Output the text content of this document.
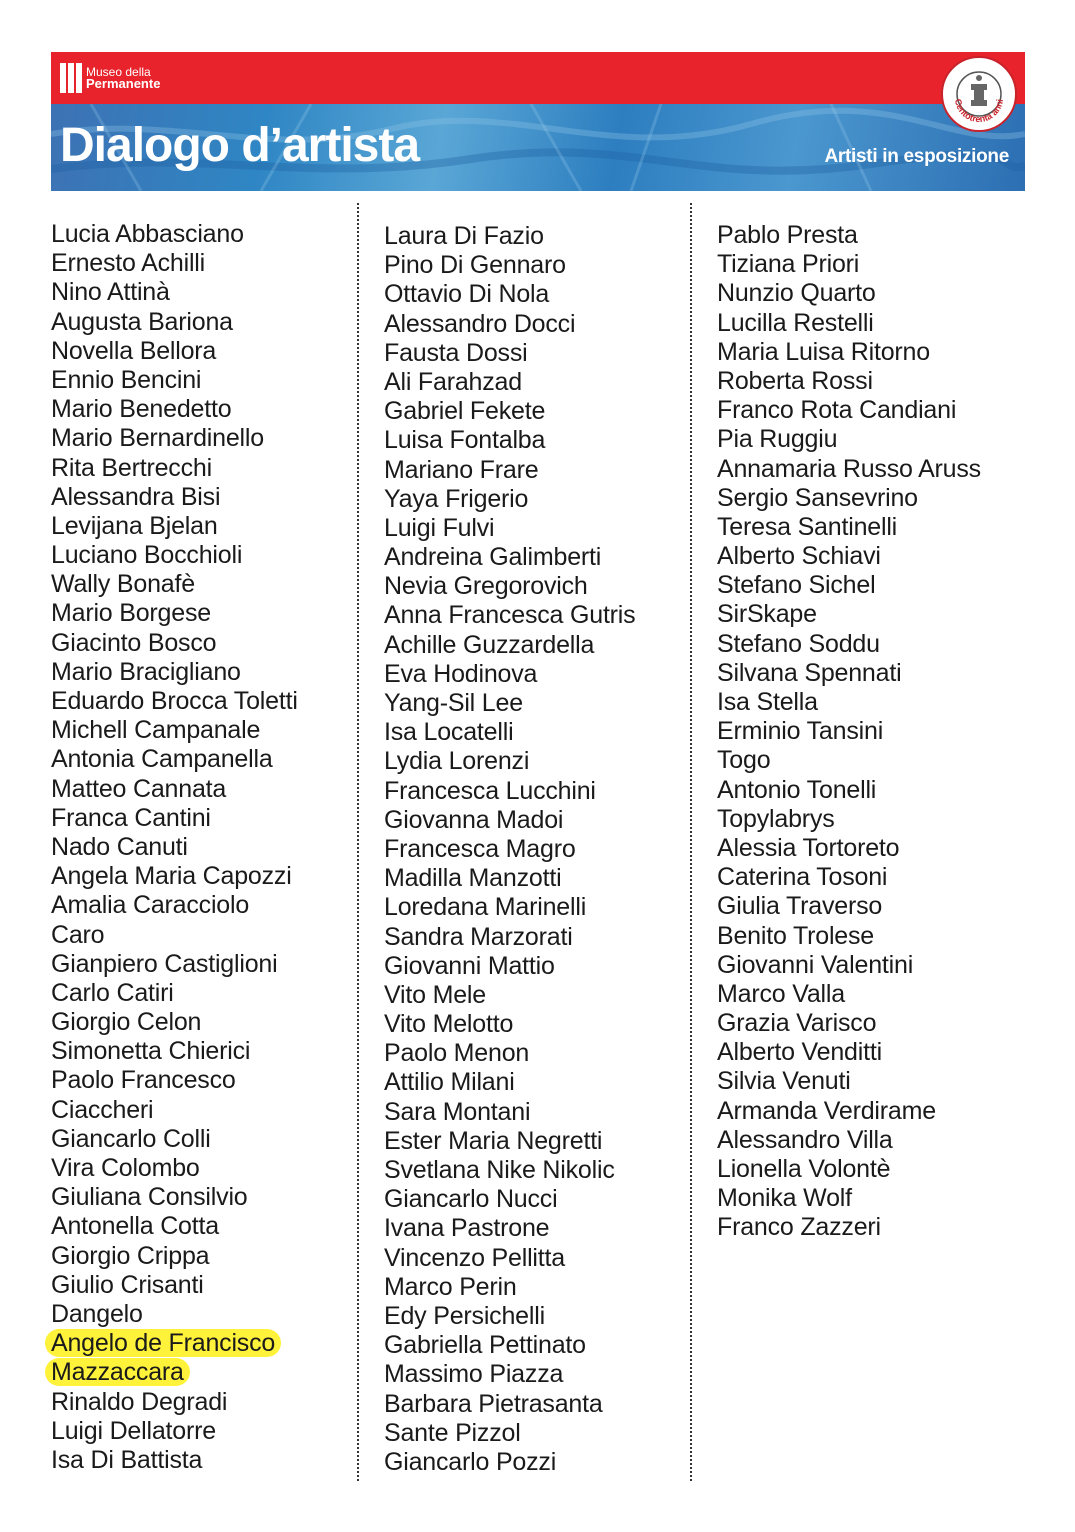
Museo della
Permanente
Dialogo d’artista	Artisti in esposizione

Centotrenta anni
Lucia Abbasciano
Ernesto Achilli
Nino Attinà
Augusta Bariona
Novella Bellora
Ennio Bencini
Mario Benedetto
Mario Bernardinello
Rita Bertrecchi
Alessandra Bisi
Levijana Bjelan
Luciano Bocchioli
Wally Bonafè
Mario Borgese
Giacinto Bosco
Mario Bracigliano
Eduardo Brocca Toletti
Michell Campanale
Antonia Campanella
Matteo Cannata
Franca Cantini
Nado Canuti
Angela Maria Capozzi
Amalia Caracciolo
Caro
Gianpiero Castiglioni
Carlo Catiri
Giorgio Celon
Simonetta Chierici
Paolo Francesco
Ciaccheri
Giancarlo Colli
Vira Colombo
Giuliana Consilvio
Antonella Cotta
Giorgio Crippa
Giulio Crisanti
Dangelo
Angelo de Francisco
Mazzaccara
Rinaldo Degradi
Luigi Dellatorre
Isa Di Battista
Laura Di Fazio
Pino Di Gennaro
Ottavio Di Nola
Alessandro Docci
Fausta Dossi
Ali Farahzad
Gabriel Fekete
Luisa Fontalba
Mariano Frare
Yaya Frigerio
Luigi Fulvi
Andreina Galimberti
Nevia Gregorovich
Anna Francesca Gutris
Achille Guzzardella
Eva Hodinova
Yang-Sil Lee
Isa Locatelli
Lydia Lorenzi
Francesca Lucchini
Giovanna Madoi
Francesca Magro
Madilla Manzotti
Loredana Marinelli
Sandra Marzorati
Giovanni Mattio
Vito Mele
Vito Melotto
Paolo Menon
Attilio Milani
Sara Montani
Ester Maria Negretti
Svetlana Nike Nikolic
Giancarlo Nucci
Ivana Pastrone
Vincenzo Pellitta
Marco Perin
Edy Persichelli
Gabriella Pettinato
Massimo Piazza
Barbara Pietrasanta
Sante Pizzol
Giancarlo Pozzi
Pablo Presta
Tiziana Priori
Nunzio Quarto
Lucilla Restelli
Maria Luisa Ritorno
Roberta Rossi
Franco Rota Candiani
Pia Ruggiu
Annamaria Russo Aruss
Sergio Sansevrino
Teresa Santinelli
Alberto Schiavi
Stefano Sichel
SirSkape
Stefano Soddu
Silvana Spennati
Isa Stella
Erminio Tansini
Togo
Antonio Tonelli
Topylabrys
Alessia Tortoreto
Caterina Tosoni
Giulia Traverso
Benito Trolese
Giovanni Valentini
Marco Valla
Grazia Varisco
Alberto Venditti
Silvia Venuti
Armanda Verdirame
Alessandro Villa
Lionella Volontè
Monika Wolf
Franco Zazzeri
